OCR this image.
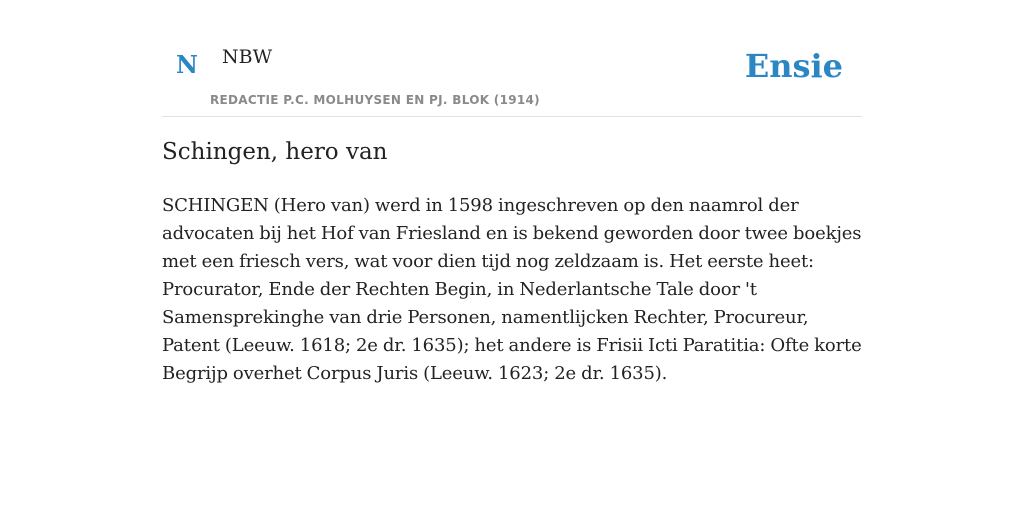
N NBW
REDACTIE P.C. MOLHUYSEN EN PJ. BLOK (1914)
Ensie
Schingen, hero van

SCHINGEN (Hero van) werd in 1598 ingeschreven op den naamrol der advocaten bij het Hof van Friesland en is bekend geworden door twee boekjes met een friesch vers, wat voor dien tijd nog zeldzaam is. Het eerste heet: Procurator, Ende der Rechten Begin, in Nederlantsche Tale door 't Samensprekinghe van drie Personen, namentlijcken Rechter, Procureur, Patent (Leeuw. 1618; 2e dr. 1635); het andere is Frisii Icti Paratitia: Ofte korte Begrijp overhet Corpus Juris (Leeuw. 1623; 2e dr. 1635).
